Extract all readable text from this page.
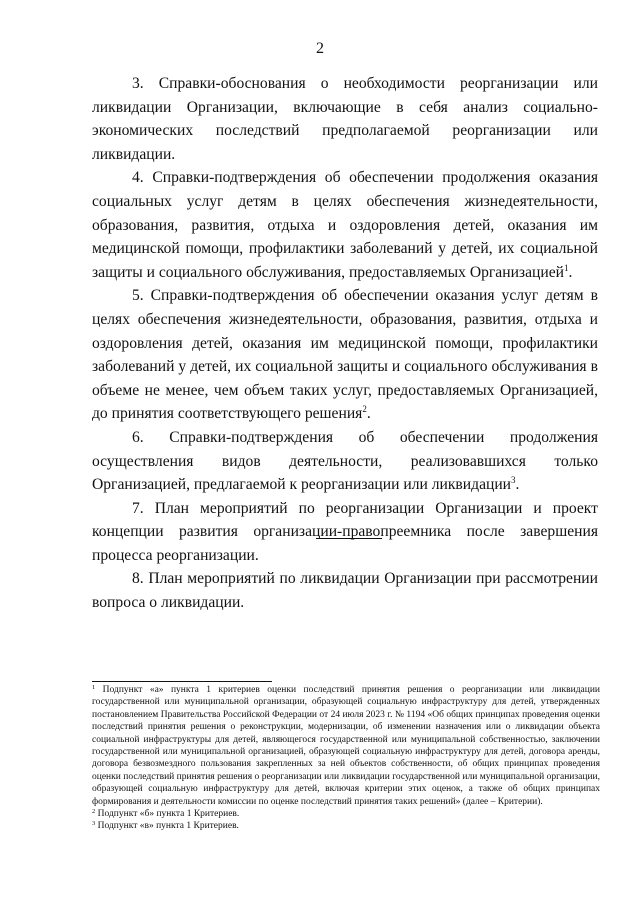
2

3. Справки-обоснования о необходимости реорганизации или ликвидации Организации, включающие в себя анализ социально-экономических последствий предполагаемой реорганизации или ликвидации.

4. Справки-подтверждения об обеспечении продолжения оказания социальных услуг детям в целях обеспечения жизнедеятельности, образования, развития, отдыха и оздоровления детей, оказания им медицинской помощи, профилактики заболеваний у детей, их социальной защиты и социального обслуживания, предоставляемых Организацией$^1$.

5. Справки-подтверждения об обеспечении оказания услуг детям в целях обеспечения жизнедеятельности, образования, развития, отдыха и оздоровления детей, оказания им медицинской помощи, профилактики заболеваний у детей, их социальной защиты и социального обслуживания в объеме не менее, чем объем таких услуг, предоставляемых Организацией, до принятия соответствующего решения$^2$.

6. Справки-подтверждения об обеспечении продолжения осуществления видов деятельности, реализовавшихся только Организацией, предлагаемой к реорганизации или ликвидации$^3$.

7. План мероприятий по реорганизации Организации и проект концепции развития организации-правопреемника после завершения процесса реорганизации.

8. План мероприятий по ликвидации Организации при рассмотрении вопроса о ликвидации.

$^1$ Подпункт «а» пункта 1 критериев оценки последствий принятия решения о реорганизации или ликвидации государственной или муниципальной организации, образующей социальную инфраструктуру для детей, утвержденных постановлением Правительства Российской Федерации от 24 июля 2023 г. № 1194 «Об общих принципах проведения оценки последствий принятия решения о реконструкции, модернизации, об изменении назначения или о ликвидации объекта социальной инфраструктуры для детей, являющегося государственной или муниципальной собственностью, заключении государственной или муниципальной организацией, образующей социальную инфраструктуру для детей, договора аренды, договора безвозмездного пользования закрепленных за ней объектов собственности, об общих принципах проведения оценки последствий принятия решения о реорганизации или ликвидации государственной или муниципальной организации, образующей социальную инфраструктуру для детей, включая критерии этих оценок, а также об общих принципах формирования и деятельности комиссии по оценке последствий принятия таких решений» (далее – Критерии).

$^2$ Подпункт «б» пункта 1 Критериев.

$^3$ Подпункт «в» пункта 1 Критериев.
